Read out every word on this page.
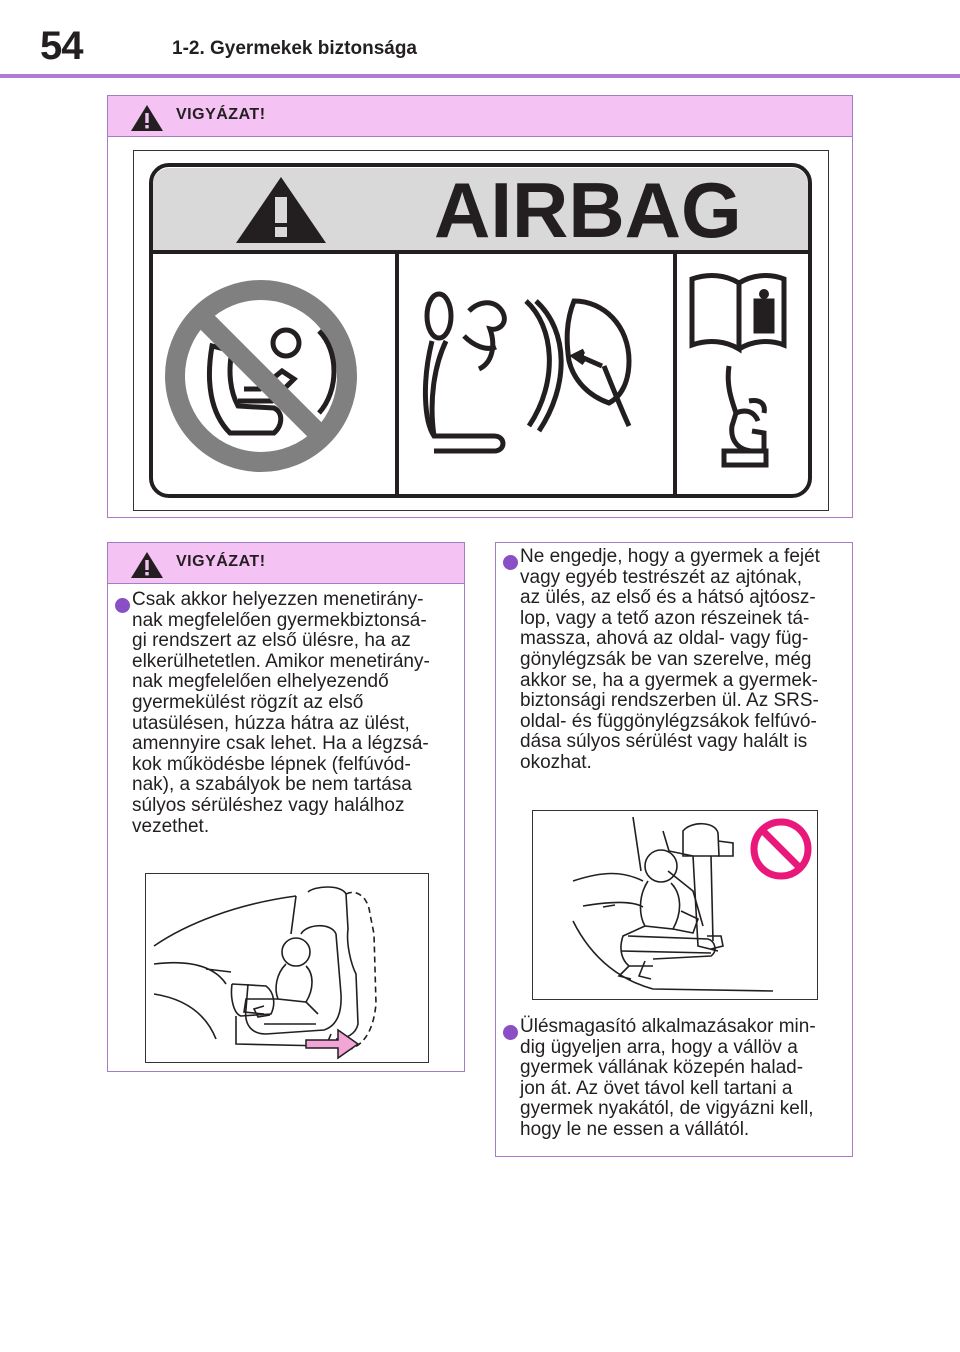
54	1-2. Gyermekek biztonsága
VIGYÁZAT!
AIRBAG
VIGYÁZAT!
Csak akkor helyezzen menetirány-
nak megfelelően gyermekbiztonsá-
gi rendszert az első ülésre, ha az
elkerülhetetlen. Amikor menetirány-
nak megfelelően elhelyezendő
gyermekülést rögzít az első
utasülésen, húzza hátra az ülést,
amennyire csak lehet. Ha a légzsá-
kok működésbe lépnek (felfúvód-
nak), a szabályok be nem tartása
súlyos sérüléshez vagy halálhoz
vezethet.
Ne engedje, hogy a gyermek a fejét
vagy egyéb testrészét az ajtónak,
az ülés, az első és a hátsó ajtóosz-
lop, vagy a tető azon részeinek tá-
massza, ahová az oldal- vagy füg-
gönylégzsák be van szerelve, még
akkor se, ha a gyermek a gyermek-
biztonsági rendszerben ül. Az SRS-
oldal- és függönylégzsákok felfúvó-
dása súlyos sérülést vagy halált is
okozhat.
Ülésmagasító alkalmazásakor min-
dig ügyeljen arra, hogy a vállöv a
gyermek vállának közepén halad-
jon át. Az övet távol kell tartani a
gyermek nyakától, de vigyázni kell,
hogy le ne essen a vállától.
